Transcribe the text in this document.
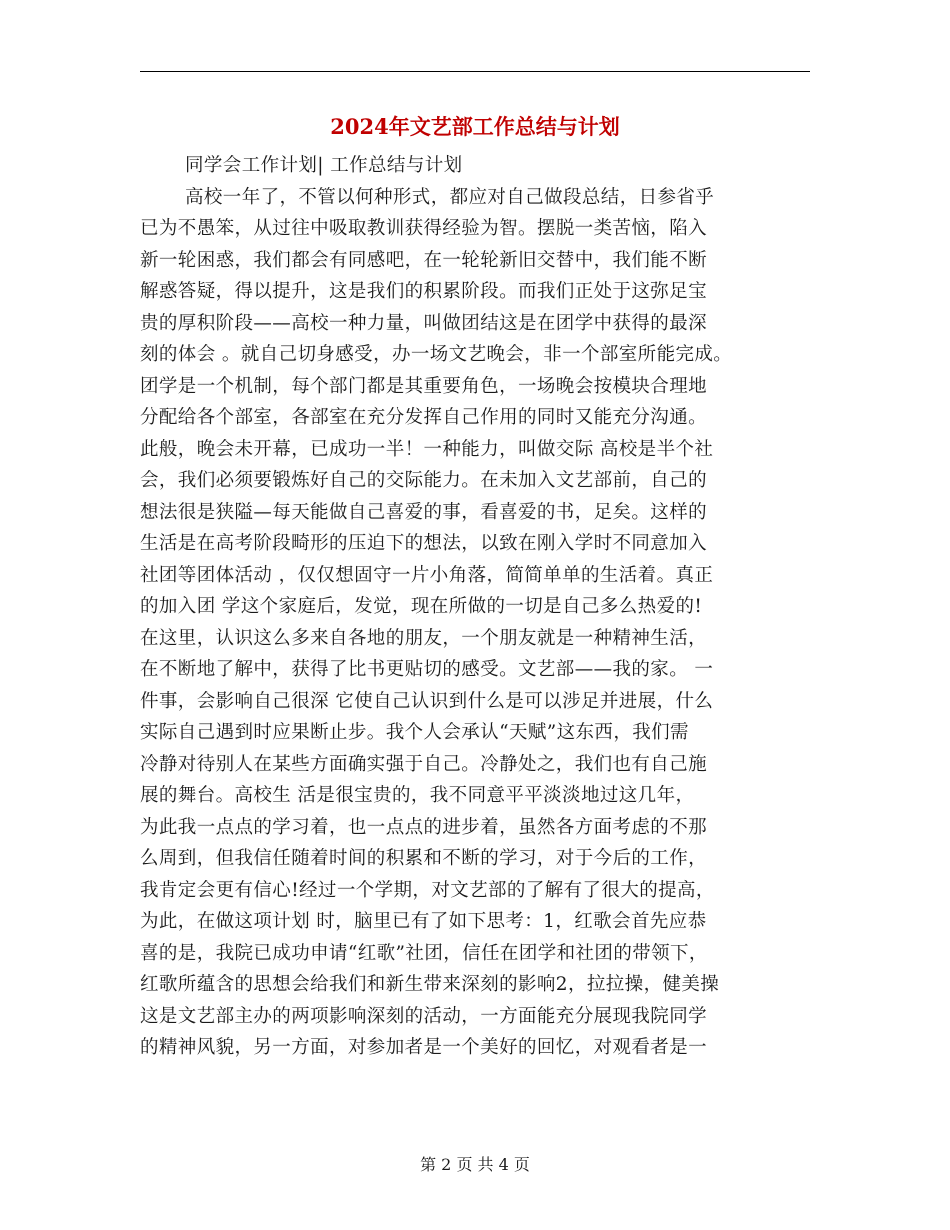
2024年文艺部工作总结与计划
同学会工作计划| 工作总结与计划
高校一年了，不管以何种形式，都应对自己做段总结，日参省乎
已为不愚笨，从过往中吸取教训获得经验为智。摆脱一类苦恼，陷入
新一轮困惑，我们都会有同感吧，在一轮轮新旧交替中，我们能不断
解惑答疑，得以提升，这是我们的积累阶段。而我们正处于这弥足宝
贵的厚积阶段——高校一种力量，叫做团结这是在团学中获得的最深
刻的体会 。就自己切身感受，办一场文艺晚会，非一个部室所能完成。
团学是一个机制，每个部门都是其重要角色，一场晚会按模块合理地
分配给各个部室，各部室在充分发挥自己作用的同时又能充分沟通。
此般，晚会未开幕，已成功一半！一种能力，叫做交际 高校是半个社
会，我们必须要锻炼好自己的交际能力。在未加入文艺部前，自己的
想法很是狭隘—每天能做自己喜爱的事，看喜爱的书，足矣。这样的
生活是在高考阶段畸形的压迫下的想法，以致在刚入学时不同意加入
社团等团体活动 ，仅仅想固守一片小角落，简简单单的生活着。真正
的加入团 学这个家庭后，发觉，现在所做的一切是自己多么热爱的!
在这里，认识这么多来自各地的朋友，一个朋友就是一种精神生活，
在不断地了解中，获得了比书更贴切的感受。文艺部——我的家。 一
件事，会影响自己很深 它使自己认识到什么是可以涉足并进展，什么
实际自己遇到时应果断止步。我个人会承认“天赋”这东西，我们需
冷静对待别人在某些方面确实强于自己。冷静处之，我们也有自己施
展的舞台。高校生 活是很宝贵的，我不同意平平淡淡地过这几年，
为此我一点点的学习着，也一点点的进步着，虽然各方面考虑的不那
么周到，但我信任随着时间的积累和不断的学习，对于今后的工作，
我肯定会更有信心!经过一个学期，对文艺部的了解有了很大的提高，
为此，在做这项计划 时，脑里已有了如下思考：1，红歌会首先应恭
喜的是，我院已成功申请“红歌”社团，信任在团学和社团的带领下，
红歌所蕴含的思想会给我们和新生带来深刻的影响2，拉拉操，健美操
这是文艺部主办的两项影响深刻的活动，一方面能充分展现我院同学
的精神风貌，另一方面，对参加者是一个美好的回忆，对观看者是一
第 2 页 共 4 页
